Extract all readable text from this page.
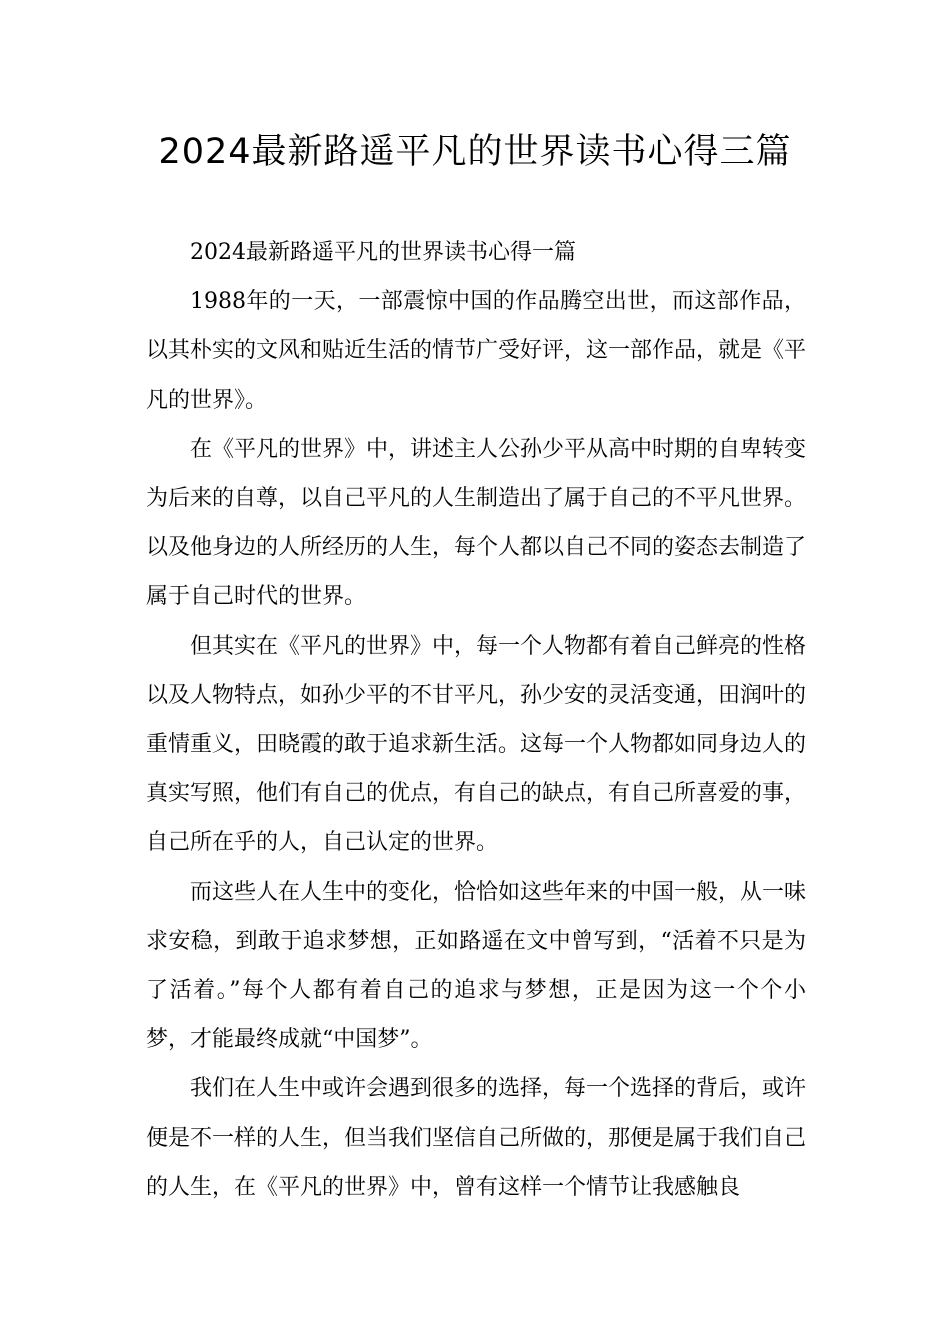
2024最新路遥平凡的世界读书心得三篇

2024最新路遥平凡的世界读书心得一篇

1988年的一天，一部震惊中国的作品腾空出世，而这部作品，以其朴实的文风和贴近生活的情节广受好评，这一部作品，就是《平凡的世界》。

在《平凡的世界》中，讲述主人公孙少平从高中时期的自卑转变为后来的自尊，以自己平凡的人生制造出了属于自己的不平凡世界。以及他身边的人所经历的人生，每个人都以自己不同的姿态去制造了属于自己时代的世界。

但其实在《平凡的世界》中，每一个人物都有着自己鲜亮的性格以及人物特点，如孙少平的不甘平凡，孙少安的灵活变通，田润叶的重情重义，田晓霞的敢于追求新生活。这每一个人物都如同身边人的真实写照，他们有自己的优点，有自己的缺点，有自己所喜爱的事，自己所在乎的人，自己认定的世界。

而这些人在人生中的变化，恰恰如这些年来的中国一般，从一味求安稳，到敢于追求梦想，正如路遥在文中曾写到，“活着不只是为了活着。”每个人都有着自己的追求与梦想，正是因为这一个个小梦，才能最终成就“中国梦”。

我们在人生中或许会遇到很多的选择，每一个选择的背后，或许便是不一样的人生，但当我们坚信自己所做的，那便是属于我们自己的人生，在《平凡的世界》中，曾有这样一个情节让我感触良
